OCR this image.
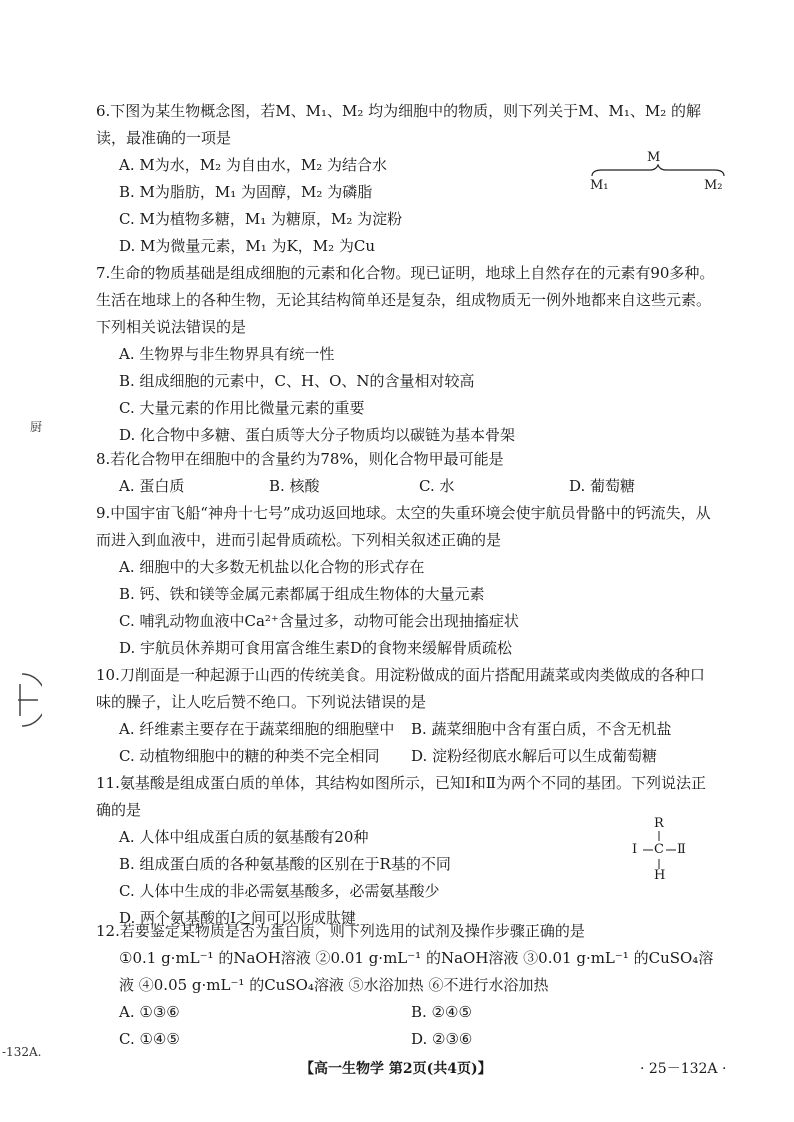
厨
-132A.
6.下图为某生物概念图，若M、M₁、M₂ 均为细胞中的物质，则下列关于M、M₁、M₂ 的解读，最准确的一项是
A. M为水，M₂ 为自由水，M₂ 为结合水
B. M为脂肪，M₁ 为固醇，M₂ 为磷脂
C. M为植物多糖，M₁ 为糖原，M₂ 为淀粉
D. M为微量元素，M₁ 为K，M₂ 为Cu
M
M₁	M₂
7.生命的物质基础是组成细胞的元素和化合物。现已证明，地球上自然存在的元素有90多种。生活在地球上的各种生物，无论其结构简单还是复杂，组成物质无一例外地都来自这些元素。下列相关说法错误的是
A. 生物界与非生物界具有统一性
B. 组成细胞的元素中，C、H、O、N的含量相对较高
C. 大量元素的作用比微量元素的重要
D. 化合物中多糖、蛋白质等大分子物质均以碳链为基本骨架
8.若化合物甲在细胞中的含量约为78%，则化合物甲最可能是
A. 蛋白质	B. 核酸	C. 水	D. 葡萄糖
9.中国宇宙飞船“神舟十七号”成功返回地球。太空的失重环境会使宇航员骨骼中的钙流失，从而进入到血液中，进而引起骨质疏松。下列相关叙述正确的是
A. 细胞中的大多数无机盐以化合物的形式存在
B. 钙、铁和镁等金属元素都属于组成生物体的大量元素
C. 哺乳动物血液中Ca²⁺含量过多，动物可能会出现抽搐症状
D. 宇航员休养期可食用富含维生素D的食物来缓解骨质疏松
10.刀削面是一种起源于山西的传统美食。用淀粉做成的面片搭配用蔬菜或肉类做成的各种口味的臊子，让人吃后赞不绝口。下列说法错误的是
A. 纤维素主要存在于蔬菜细胞的细胞壁中	B. 蔬菜细胞中含有蛋白质，不含无机盐
C. 动植物细胞中的糖的种类不完全相同	D. 淀粉经彻底水解后可以生成葡萄糖
11.氨基酸是组成蛋白质的单体，其结构如图所示，已知Ⅰ和Ⅱ为两个不同的基团。下列说法正确的是
A. 人体中组成蛋白质的氨基酸有20种
B. 组成蛋白质的各种氨基酸的区别在于R基的不同
C. 人体中生成的非必需氨基酸多，必需氨基酸少
D. 两个氨基酸的Ⅰ之间可以形成肽键
R
Ⅰ C Ⅱ
H
12.若要鉴定某物质是否为蛋白质，则下列选用的试剂及操作步骤正确的是
①0.1 g·mL⁻¹ 的NaOH溶液 ②0.01 g·mL⁻¹ 的NaOH溶液 ③0.01 g·mL⁻¹ 的CuSO₄溶液 ④0.05 g·mL⁻¹ 的CuSO₄溶液 ⑤水浴加热 ⑥不进行水浴加热
A. ①③⑥	B. ②④⑤
C. ①④⑤	D. ②③⑥
【高一生物学 第2页(共4页)】	· 25－132A ·
